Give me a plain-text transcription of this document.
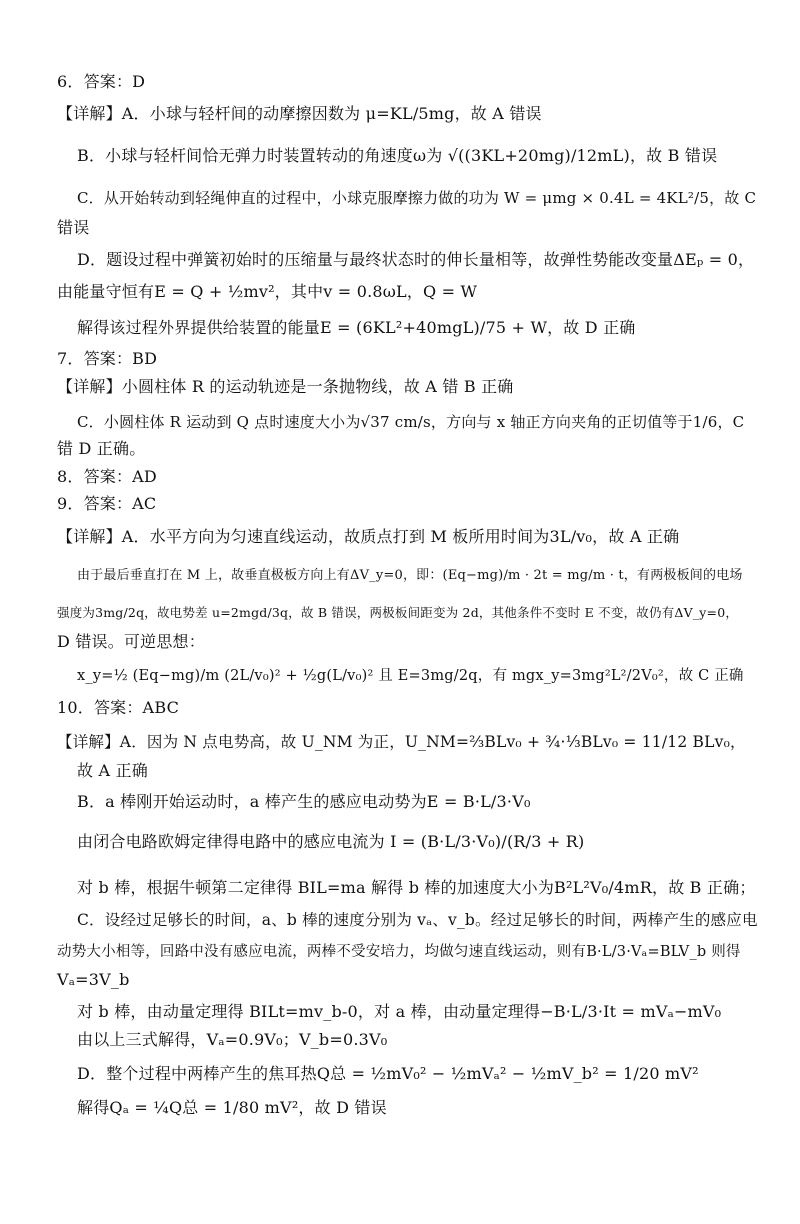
6．答案：D
【详解】A．小球与轻杆间的动摩擦因数为 μ=KL/5mg，故 A 错误
B．小球与轻杆间恰无弹力时装置转动的角速度ω为 √((3KL+20mg)/12mL)，故 B 错误
C．从开始转动到轻绳伸直的过程中，小球克服摩擦力做的功为 W = μmg × 0.4L = 4KL²/5，故 C
错误
D．题设过程中弹簧初始时的压缩量与最终状态时的伸长量相等，故弹性势能改变量ΔEₚ = 0，
由能量守恒有E = Q + ½mv²，其中v = 0.8ωL，Q = W
解得该过程外界提供给装置的能量E = (6KL²+40mgL)/75 + W，故 D 正确
7．答案：BD
【详解】小圆柱体 R 的运动轨迹是一条抛物线，故 A 错 B 正确
C．小圆柱体 R 运动到 Q 点时速度大小为√37 cm/s，方向与 x 轴正方向夹角的正切值等于1/6，C
错 D 正确。
8．答案：AD
9．答案：AC
【详解】A．水平方向为匀速直线运动，故质点打到 M 板所用时间为3L/v₀，故 A 正确
由于最后垂直打在 M 上，故垂直极板方向上有ΔV_y=0，即：(Eq−mg)/m · 2t = mg/m · t，有两极板间的电场
强度为3mg/2q，故电势差 u=2mgd/3q，故 B 错误，两极板间距变为 2d，其他条件不变时 E 不变，故仍有ΔV_y=0，
D 错误。可逆思想：
x_y=½ (Eq−mg)/m (2L/v₀)² + ½g(L/v₀)² 且 E=3mg/2q，有 mgx_y=3mg²L²/2V₀²，故 C 正确
10．答案：ABC
【详解】A．因为 N 点电势高，故 U_NM 为正，U_NM=⅔BLv₀ + ¾·⅓BLv₀ = 11/12 BLv₀，
故 A 正确
B．a 棒刚开始运动时，a 棒产生的感应电动势为E = B·L/3·V₀
由闭合电路欧姆定律得电路中的感应电流为 I = (B·L/3·V₀)/(R/3 + R)
对 b 棒，根据牛顿第二定律得 BIL=ma 解得 b 棒的加速度大小为B²L²V₀/4mR，故 B 正确；
C．设经过足够长的时间，a、b 棒的速度分别为 vₐ、v_b。经过足够长的时间，两棒产生的感应电
动势大小相等，回路中没有感应电流，两棒不受安培力，均做匀速直线运动，则有B·L/3·Vₐ=BLV_b 则得
Vₐ=3V_b
对 b 棒，由动量定理得 BILt=mv_b-0，对 a 棒，由动量定理得−B·L/3·It = mVₐ−mV₀
由以上三式解得，Vₐ=0.9V₀；V_b=0.3V₀
D．整个过程中两棒产生的焦耳热Q总 = ½mV₀² − ½mVₐ² − ½mV_b² = 1/20 mV²
解得Qₐ = ¼Q总 = 1/80 mV²，故 D 错误
